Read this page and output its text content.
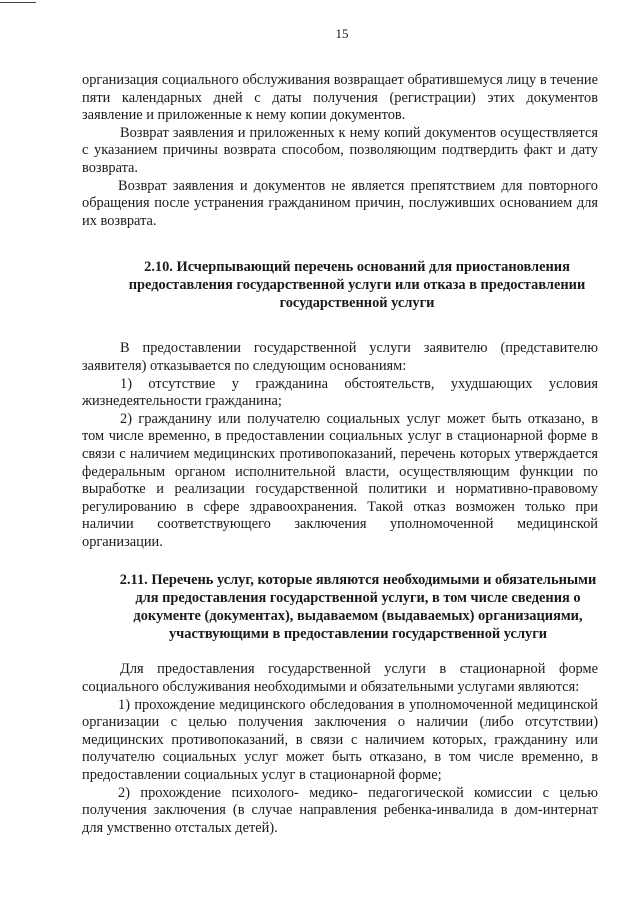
15

организация социального обслуживания возвращает обратившемуся лицу в течение пяти календарных дней с даты получения (регистрации) этих документов заявление и приложенные к нему копии документов.

Возврат заявления и приложенных к нему копий документов осуществляется с указанием причины возврата способом, позволяющим подтвердить факт и дату возврата.

Возврат заявления и документов не является препятствием для повторного обращения после устранения гражданином причин, послуживших основанием для их возврата.

2.10. Исчерпывающий перечень оснований для приостановления предоставления государственной услуги или отказа в предоставлении государственной услуги

В предоставлении государственной услуги заявителю (представителю заявителя) отказывается по следующим основаниям:

1) отсутствие у гражданина обстоятельств, ухудшающих условия жизнедеятельности гражданина;

2) гражданину или получателю социальных услуг может быть отказано, в том числе временно, в предоставлении социальных услуг в стационарной форме в связи с наличием медицинских противопоказаний, перечень которых утверждается федеральным органом исполнительной власти, осуществляющим функции по выработке и реализации государственной политики и нормативно-правовому регулированию в сфере здравоохранения. Такой отказ возможен только при наличии соответствующего заключения уполномоченной медицинской организации.

2.11. Перечень услуг, которые являются необходимыми и обязательными для предоставления государственной услуги, в том числе сведения о документе (документах), выдаваемом (выдаваемых) организациями, участвующими в предоставлении государственной услуги

Для предоставления государственной услуги в стационарной форме социального обслуживания необходимыми и обязательными услугами являются:

1) прохождение медицинского обследования в уполномоченной медицинской организации с целью получения заключения о наличии (либо отсутствии) медицинских противопоказаний, в связи с наличием которых, гражданину или получателю социальных услуг может быть отказано, в том числе временно, в предоставлении социальных услуг в стационарной форме;

2) прохождение психолого- медико- педагогической комиссии с целью получения заключения (в случае направления ребенка-инвалида в дом-интернат для умственно отсталых детей).
